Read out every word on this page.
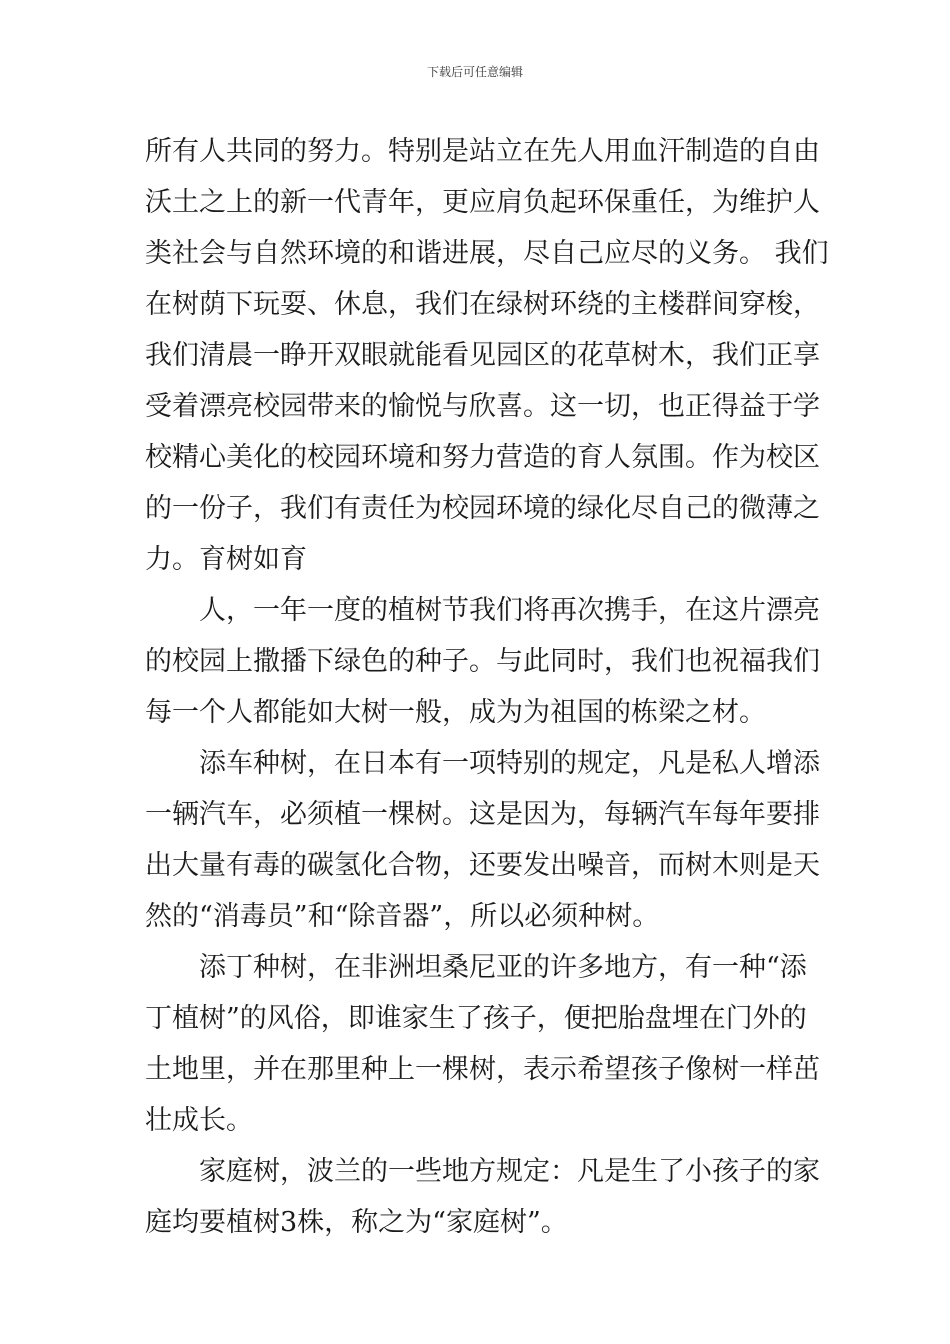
下载后可任意编辑
所有人共同的努力。特别是站立在先人用血汗制造的自由
沃土之上的新一代青年，更应肩负起环保重任，为维护人
类社会与自然环境的和谐进展，尽自己应尽的义务。 我们
在树荫下玩耍、休息，我们在绿树环绕的主楼群间穿梭，
我们清晨一睁开双眼就能看见园区的花草树木，我们正享
受着漂亮校园带来的愉悦与欣喜。这一切，也正得益于学
校精心美化的校园环境和努力营造的育人氛围。作为校区
的一份子，我们有责任为校园环境的绿化尽自己的微薄之
力。育树如育
人，一年一度的植树节我们将再次携手，在这片漂亮
的校园上撒播下绿色的种子。与此同时，我们也祝福我们
每一个人都能如大树一般，成为为祖国的栋梁之材。
添车种树，在日本有一项特别的规定，凡是私人增添
一辆汽车，必须植一棵树。这是因为，每辆汽车每年要排
出大量有毒的碳氢化合物，还要发出噪音，而树木则是天
然的“消毒员”和“除音器”，所以必须种树。
添丁种树，在非洲坦桑尼亚的许多地方，有一种“添
丁植树”的风俗，即谁家生了孩子，便把胎盘埋在门外的
土地里，并在那里种上一棵树，表示希望孩子像树一样茁
壮成长。
家庭树，波兰的一些地方规定：凡是生了小孩子的家
庭均要植树3株，称之为“家庭树”。
